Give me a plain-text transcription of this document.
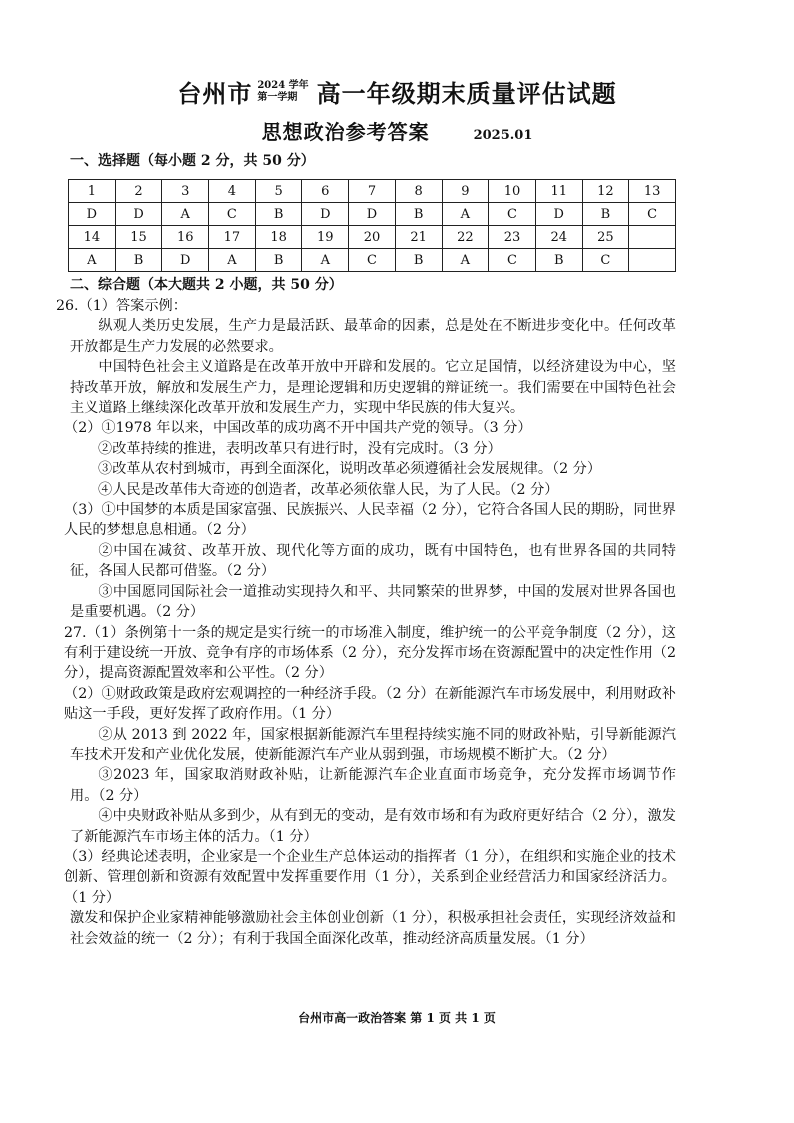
台州市 2024 学年
第一学期 高一年级期末质量评估试题
思想政治参考答案	2025.01
一、选择题（每小题 2 分，共 50 分）
1	2	3	4	5	6	7	8	9	10	11	12	13
D	D	A	C	B	D	D	B	A	C	D	B	C
14	15	16	17	18	19	20	21	22	23	24	25	
A	B	D	A	B	A	C	B	A	C	B	C	
二、综合题（本大题共 2 小题，共 50 分）

26.（1）答案示例：

纵观人类历史发展，生产力是最活跃、最革命的因素，总是处在不断进步变化中。任何改革开放都是生产力发展的必然要求。

中国特色社会主义道路是在改革开放中开辟和发展的。它立足国情，以经济建设为中心，坚持改革开放，解放和发展生产力，是理论逻辑和历史逻辑的辩证统一。我们需要在中国特色社会主义道路上继续深化改革开放和发展生产力，实现中华民族的伟大复兴。

（2）①1978 年以来，中国改革的成功离不开中国共产党的领导。（3 分）

②改革持续的推进，表明改革只有进行时，没有完成时。（3 分）

③改革从农村到城市，再到全面深化，说明改革必须遵循社会发展规律。（2 分）

④人民是改革伟大奇迹的创造者，改革必须依靠人民，为了人民。（2 分）

（3）①中国梦的本质是国家富强、民族振兴、人民幸福（2 分），它符合各国人民的期盼，同世界人民的梦想息息相通。（2 分）

②中国在减贫、改革开放、现代化等方面的成功，既有中国特色，也有世界各国的共同特征，各国人民都可借鉴。（2 分）

③中国愿同国际社会一道推动实现持久和平、共同繁荣的世界梦，中国的发展对世界各国也是重要机遇。（2 分）

27.（1）条例第十一条的规定是实行统一的市场准入制度，维护统一的公平竞争制度（2 分），这有利于建设统一开放、竞争有序的市场体系（2 分），充分发挥市场在资源配置中的决定性作用（2 分），提高资源配置效率和公平性。（2 分）

（2）①财政政策是政府宏观调控的一种经济手段。（2 分）在新能源汽车市场发展中，利用财政补贴这一手段，更好发挥了政府作用。（1 分）

②从 2013 到 2022 年，国家根据新能源汽车里程持续实施不同的财政补贴，引导新能源汽车技术开发和产业优化发展，使新能源汽车产业从弱到强，市场规模不断扩大。（2 分）

③2023 年，国家取消财政补贴，让新能源汽车企业直面市场竞争，充分发挥市场调节作用。（2 分）

④中央财政补贴从多到少，从有到无的变动，是有效市场和有为政府更好结合（2 分），激发了新能源汽车市场主体的活力。（1 分）

（3）经典论述表明，企业家是一个企业生产总体运动的指挥者（1 分），在组织和实施企业的技术创新、管理创新和资源有效配置中发挥重要作用（1 分），关系到企业经营活力和国家经济活力。（1 分）

激发和保护企业家精神能够激励社会主体创业创新（1 分），积极承担社会责任，实现经济效益和社会效益的统一（2 分）；有利于我国全面深化改革，推动经济高质量发展。（1 分）

台州市高一政治答案 第 1 页 共 1 页
